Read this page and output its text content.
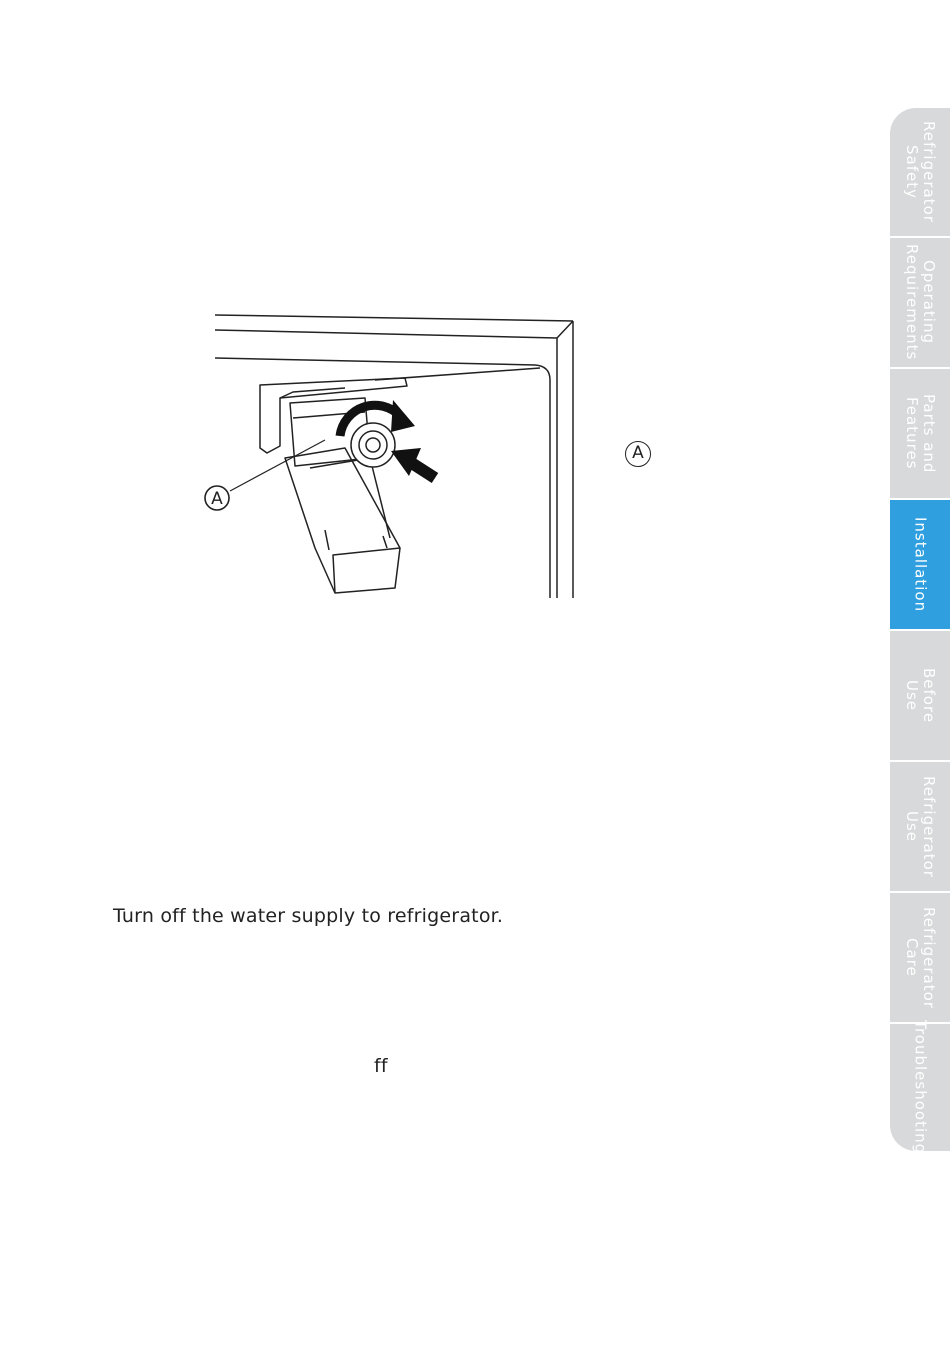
A
A
Turn off the water supply to refrigerator.
ff
Refrigerator
Safety
Operating
Requirements
Parts and
Features
Installation
Before
Use
Refrigerator
Use
Refrigerator
Care
Troubleshooting
